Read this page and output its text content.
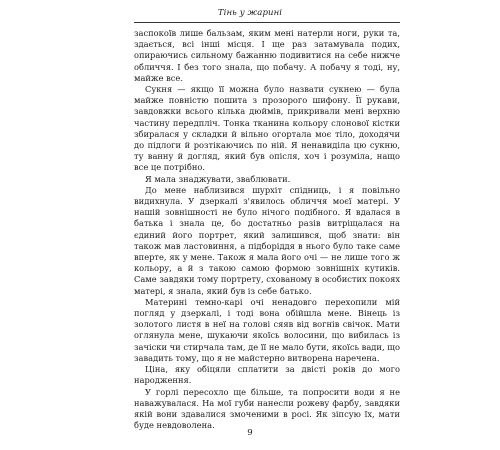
Тінь у жарині

заспокоїв лише бальзам, яким мені натерли ноги, руки та, здається, всі інші місця. І ще раз затамувала подих, опираючись сильному бажанню подивитися на себе нижче обличчя. І без того знала, що побачу. А побачу я тоді, ну, майже все.

Сукня — якщо її можна було назвати сукнею — була майже повністю пошита з прозорого шифону. Її рукави, завдовжки всього кілька дюймів, прикривали мені верхню частину передпліч. Тонка тканина кольору слонової кістки збиралася у складки й вільно огортала моє тіло, доходячи до підлоги й розтікаючись по ній. Я ненавиділа цю сукню, ту ванну й догляд, який був опісля, хоч і розуміла, нащо все це потрібно.

Я мала знаджувати, зваблювати.

До мене наблизився шурхіт спідниць, і я повільно видихнула. У дзеркалі з'явилось обличчя моєї матері. У нашій зовнішності не було нічого подібного. Я вдалася в батька і знала це, бо достатньо разів витріщалася на єдиний його портрет, який залишився, щоб знати: він також мав ластовиння, а підборіддя в нього було таке саме вперте, як у мене. Також я мала його очі — не лише того ж кольору, а й з такою самою формою зовнішніх кутиків. Саме завдяки тому портрету, схованому в особистих покоях матері, я знала, який був із себе батько.

Материні темно-карі очі ненадовго перехопили мій погляд у дзеркалі, і тоді вона обійшла мене. Вінець із золотого листя в неї на голові сяяв від вогнів свічок. Мати оглянула мене, шукаючи якоїсь волосини, що вибилась із зачіски чи стирчала там, де її не мало бути, якоїсь вади, що завадить тому, що я не майстерно витворена наречена.

Ціна, яку обіцяли сплатити за двісті років до мого народження.

У горлі пересохло ще більше, та попросити води я не наважувалася. На мої губи нанесли рожеву фарбу, завдяки якій вони здавалися змоченими в росі. Як зіпсую їх, мати буде невдоволена.

9
